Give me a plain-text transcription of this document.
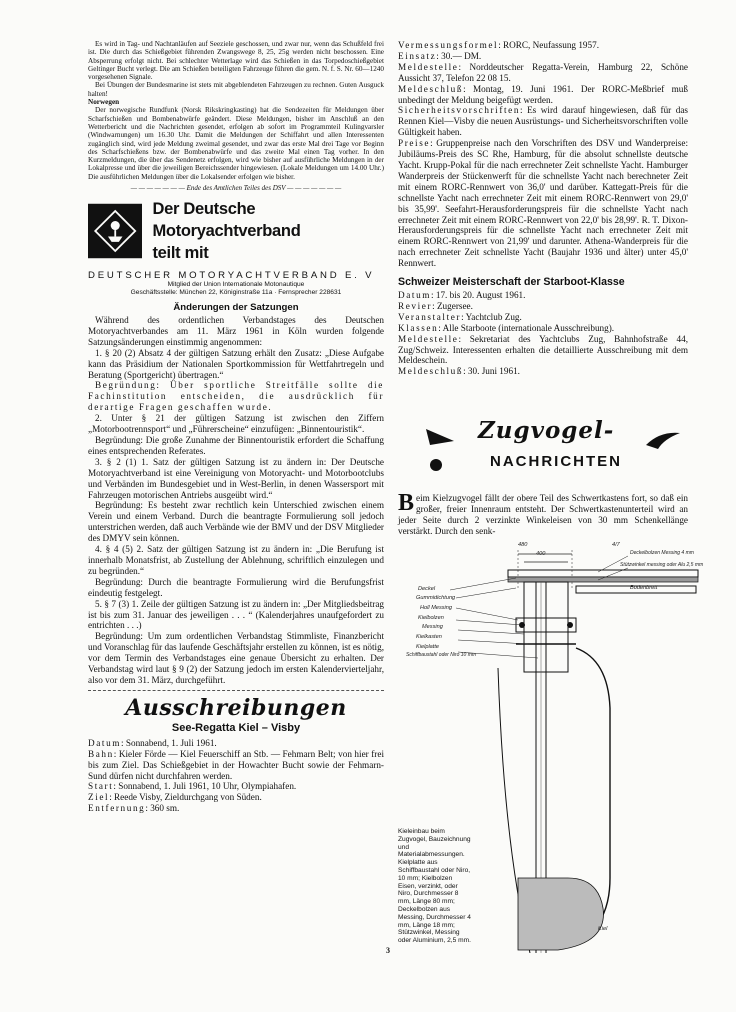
Es wird in Tag- und Nachtanläufen auf Seeziele geschossen, und zwar nur, wenn das Schußfeld frei ist. Die durch das Schießgebiet führenden Zwangswege 8, 25, 25g werden nicht beschossen. Eine Absperrung erfolgt nicht. Bei schlechter Wetterlage wird das Schießen in das Torpedoschießgebiet Geltinger Bucht verlegt. Die am Schießen beteiligten Fahrzeuge führen die gem. N. f. S. Nr. 60—1240 vorgesehenen Signale.

Bei Übungen der Bundesmarine ist stets mit abgeblendeten Fahrzeugen zu rechnen. Guten Ausguck halten!

Norwegen

Der norwegische Rundfunk (Norsk Rikskringkasting) hat die Sendezeiten für Meldungen über Scharfschießen und Bombenabwürfe geändert. Diese Meldungen, bisher im Anschluß an den Wetterbericht und die Nachrichten gesendet, erfolgen ab sofort im Programmteil Kulingvarsler (Windwarnungen) um 16.30 Uhr. Damit die Meldungen der Schiffahrt und allen Interessenten zugänglich sind, wird jede Meldung zweimal gesendet, und zwar das erste Mal drei Tage vor Beginn des Scharfschießens bzw. der Bombenabwürfe und das zweite Mal einen Tag vorher. In den Kurzmeldungen, die über das Sendenetz erfolgen, wird wie bisher auf ausführliche Meldungen in der Lokalpresse und über die jeweiligen Bereichssender hingewiesen. (Lokale Meldungen um 14.00 Uhr.) Die ausführlichen Meldungen über die Lokalsender erfolgen wie bisher.

— — — — — — — Ende des Amtlichen Teiles des DSV — — — — — — —
Der Deutsche Motoryachtverband
teilt mit
DEUTSCHER MOTORYACHTVERBAND E. V
Mitglied der Union Internationale Motonautique
Geschäftsstelle: München 22, Königinstraße 11a · Fernsprecher 228631
Änderungen der Satzungen

Während des ordentlichen Verbandstages des Deutschen Motoryachtverbandes am 11. März 1961 in Köln wurden folgende Satzungsänderungen einstimmig angenommen:

1. § 20 (2) Absatz 4 der gültigen Satzung erhält den Zusatz: „Diese Aufgabe kann das Präsidium der Nationalen Sportkommission für Wettfahrtregeln und Beratung (Sportgericht) übertragen.“

Begründung: Über sportliche Streitfälle sollte die Fachinstitution entscheiden, die ausdrücklich für derartige Fragen geschaffen wurde.

2. Unter § 21 der gültigen Satzung ist zwischen den Ziffern „Motorbootrennsport“ und „Führerscheine“ einzufügen: „Binnentouristik“.

Begründung: Die große Zunahme der Binnentouristik erfordert die Schaffung eines entsprechenden Referates.

3. § 2 (1) 1. Satz der gültigen Satzung ist zu ändern in: Der Deutsche Motoryachtverband ist eine Vereinigung von Motoryacht- und Motorbootclubs und Verbänden im Bundesgebiet und in West-Berlin, in denen Wassersport mit Fahrzeugen motorischen Antriebs ausgeübt wird.“

Begründung: Es besteht zwar rechtlich kein Unterschied zwischen einem Verein und einem Verband. Durch die beantragte Formulierung soll jedoch unterstrichen werden, daß auch Verbände wie der BMV und der DSV Mitglieder des DMYV sein können.

4. § 4 (5) 2. Satz der gültigen Satzung ist zu ändern in: „Die Berufung ist innerhalb Monatsfrist, ab Zustellung der Ablehnung, schriftlich einzulegen und zu begründen.“

Begründung: Durch die beantragte Formulierung wird die Berufungsfrist eindeutig festgelegt.

5. § 7 (3) 1. Zeile der gültigen Satzung ist zu ändern in: „Der Mitgliedsbeitrag ist bis zum 31. Januar des jeweiligen . . . “ (Kalenderjahres unaufgefordert zu entrichten . . .)

Begründung: Um zum ordentlichen Verbandstag Stimmliste, Finanzbericht und Voranschlag für das laufende Geschäftsjahr erstellen zu können, ist es nötig, vor dem Termin des Verbandstages eine genaue Übersicht zu erhalten. Der Verbandstag wird laut § 9 (2) der Satzung jedoch im ersten Kalendervierteljahr, also vor dem 31. März, durchgeführt.

Ausschreibungen
See-Regatta Kiel – Visby

Datum: Sonnabend, 1. Juli 1961.

Bahn: Kieler Förde — Kiel Feuerschiff an Stb. — Fehmarn Belt; von hier frei bis zum Ziel. Das Schießgebiet in der Howachter Bucht sowie der Fehmarn-Sund dürfen nicht durchfahren werden.

Start: Sonnabend, 1. Juli 1961, 10 Uhr, Olympiahafen.

Ziel: Reede Visby, Zieldurchgang von Süden.

Entfernung: 360 sm.

Vermessungsformel: RORC, Neufassung 1957.

Einsatz: 30.— DM.

Meldestelle: Norddeutscher Regatta-Verein, Hamburg 22, Schöne Aussicht 37, Telefon 22 08 15.

Meldeschluß: Montag, 19. Juni 1961. Der RORC-Meßbrief muß unbedingt der Meldung beigefügt werden.

Sicherheitsvorschriften: Es wird darauf hingewiesen, daß für das Rennen Kiel—Visby die neuen Ausrüstungs- und Sicherheitsvorschriften volle Gültigkeit haben.

Preise: Gruppenpreise nach den Vorschriften des DSV und Wanderpreise: Jubiläums-Preis des SC Rhe, Hamburg, für die absolut schnellste deutsche Yacht. Krupp-Pokal für die nach errechneter Zeit schnellste Yacht. Hamburger Wanderpreis der Stückenwerft für die schnellste Yacht nach berechneter Zeit mit einem RORC-Rennwert von 36,0' und darüber. Kattegatt-Preis für die schnellste Yacht nach errechneter Zeit mit einem RORC-Rennwert von 29,0' bis 35,99'. Seefahrt-Herausforderungspreis für die schnellste Yacht nach errechneter Zeit mit einem RORC-Rennwert von 22,0' bis 28,99'. R. T. Dixon-Herausforderungspreis für die schnellste Yacht nach errechneter Zeit mit einem RORC-Rennwert von 21,99' und darunter. Athena-Wanderpreis für die nach errechneter Zeit schnellste Yacht (Baujahr 1936 und älter) unter 45,0' Rennwert.

Schweizer Meisterschaft der Starboot-Klasse

Datum: 17. bis 20. August 1961.

Revier: Zugersee.

Veranstalter: Yachtclub Zug.

Klassen: Alle Starboote (internationale Ausschreibung).

Meldestelle: Sekretariat des Yachtclubs Zug, Bahnhofstraße 44, Zug/Schweiz. Interessenten erhalten die detaillierte Ausschreibung mit dem Meldeschein.

Meldeschluß: 30. Juni 1961.

Zugvogel-
NACHRICHTEN

Beim Kielzugvogel fällt der obere Teil des Schwertkastens fort, so daß ein großer, freier Innenraum entsteht. Der Schwertkastenunterteil wird an jeder Seite durch 2 verzinkte Winkeleisen von 30 mm Schenkellänge verstärkt. Durch den senk-

480
400
4/7
Deckel
Gummidichtung
Holl Messing
Kielbolzen
Messing
Kielkasten
Kielplatte
Schiffbaustahl oder Niro 10 mm
Deckelbolzen Messing 4 mm
Stützwinkel messing oder Alu 2,5 mm
Bodenbrett
Kiel
Kieleinbau beim Zugvogel, Bauzeichnung und Materialabmessungen. Kielplatte aus Schiffbaustahl oder Niro, 10 mm; Kielbolzen Eisen, verzinkt, oder Niro, Durchmesser 8 mm, Länge 80 mm; Deckelbolzen aus Messing, Durchmesser 4 mm, Länge 18 mm; Stützwinkel, Messing oder Aluminium, 2,5 mm.
3
